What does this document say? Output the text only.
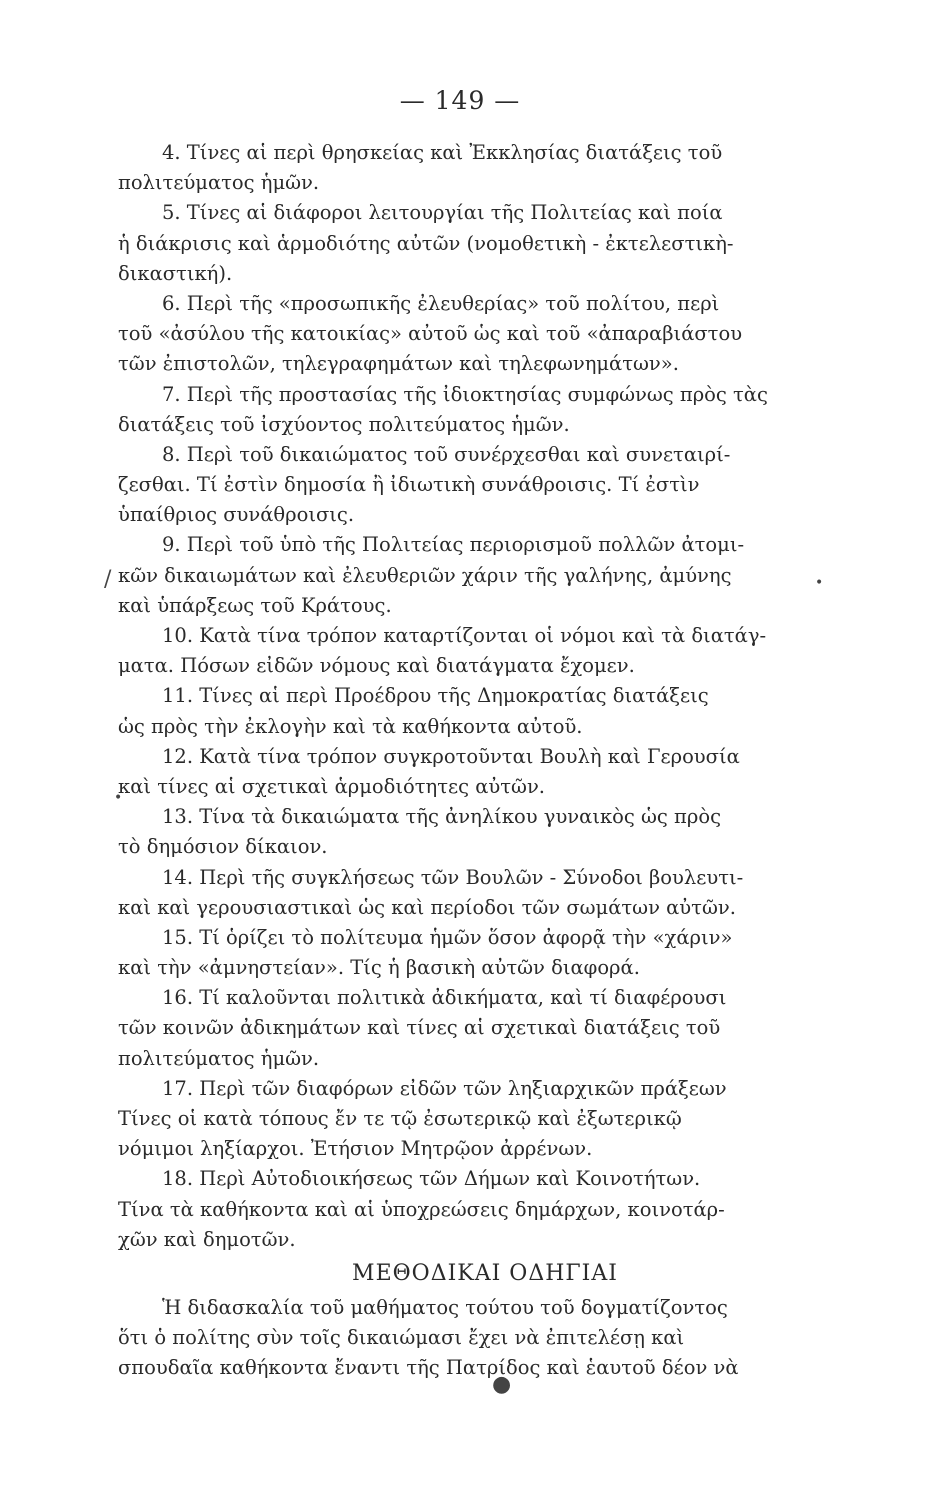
— 149 —
4. Τίνες αἱ περὶ θρησκείας καὶ Ἐκκλησίας διατάξεις τοῦ
πολιτεύματος ἡμῶν.
5. Τίνες αἱ διάφοροι λειτουργίαι τῆς Πολιτείας καὶ ποία
ἡ διάκρισις καὶ ἁρμοδιότης αὐτῶν (νομοθετικὴ - ἐκτελεστικὴ-
δικαστική).
6. Περὶ τῆς «προσωπικῆς ἐλευθερίας» τοῦ πολίτου, περὶ
τοῦ «ἀσύλου τῆς κατοικίας» αὐτοῦ ὡς καὶ τοῦ «ἀπαραβιάστου
τῶν ἐπιστολῶν, τηλεγραφημάτων καὶ τηλεφωνημάτων».
7. Περὶ τῆς προστασίας τῆς ἰδιοκτησίας συμφώνως πρὸς τὰς
διατάξεις τοῦ ἰσχύοντος πολιτεύματος ἡμῶν.
8. Περὶ τοῦ δικαιώματος τοῦ συνέρχεσθαι καὶ συνεταιρί-
ζεσθαι. Τί ἐστὶν δημοσία ἢ ἰδιωτικὴ συνάθροισις. Τί ἐστὶν
ὑπαίθριος συνάθροισις.
9. Περὶ τοῦ ὑπὸ τῆς Πολιτείας περιορισμοῦ πολλῶν ἀτομι-
κῶν δικαιωμάτων καὶ ἐλευθεριῶν χάριν τῆς γαλήνης, ἀμύνης
καὶ ὑπάρξεως τοῦ Κράτους.
10. Κατὰ τίνα τρόπον καταρτίζονται οἱ νόμοι καὶ τὰ διατάγ-
ματα. Πόσων εἰδῶν νόμους καὶ διατάγματα ἔχομεν.
11. Τίνες αἱ περὶ Προέδρου τῆς Δημοκρατίας διατάξεις
ὡς πρὸς τὴν ἐκλογὴν καὶ τὰ καθήκοντα αὐτοῦ.
12. Κατὰ τίνα τρόπον συγκροτοῦνται Βουλὴ καὶ Γερουσία
καὶ τίνες αἱ σχετικαὶ ἁρμοδιότητες αὐτῶν.
13. Τίνα τὰ δικαιώματα τῆς ἀνηλίκου γυναικὸς ὡς πρὸς
τὸ δημόσιον δίκαιον.
14. Περὶ τῆς συγκλήσεως τῶν Βουλῶν - Σύνοδοι βουλευτι-
καὶ καὶ γερουσιαστικαὶ ὡς καὶ περίοδοι τῶν σωμάτων αὐτῶν.
15. Τί ὁρίζει τὸ πολίτευμα ἡμῶν ὅσον ἀφορᾷ τὴν «χάριν»
καὶ τὴν «ἀμνηστείαν». Τίς ἡ βασικὴ αὐτῶν διαφορά.
16. Τί καλοῦνται πολιτικὰ ἀδικήματα, καὶ τί διαφέρουσι
τῶν κοινῶν ἀδικημάτων καὶ τίνες αἱ σχετικαὶ διατάξεις τοῦ
πολιτεύματος ἡμῶν.
17. Περὶ τῶν διαφόρων εἰδῶν τῶν ληξιαρχικῶν πράξεων
Τίνες οἱ κατὰ τόπους ἔν τε τῷ ἐσωτερικῷ καὶ ἐξωτερικῷ
νόμιμοι ληξίαρχοι. Ἐτήσιον Μητρῷον ἀρρένων.
18. Περὶ Αὐτοδιοικήσεως τῶν Δήμων καὶ Κοινοτήτων.
Τίνα τὰ καθήκοντα καὶ αἱ ὑποχρεώσεις δημάρχων, κοινοτάρ-
χῶν καὶ δημοτῶν.
ΜΕΘΟΔΙΚΑΙ ΟΔΗΓΙΑΙ
Ἡ διδασκαλία τοῦ μαθήματος τούτου τοῦ δογματίζοντος
ὅτι ὁ πολίτης σὺν τοῖς δικαιώμασι ἔχει νὰ ἐπιτελέσῃ καὶ
σπουδαῖα καθήκοντα ἔναντι τῆς Πατρίδος καὶ ἑαυτοῦ δέον νὰ
/	•
•
●
